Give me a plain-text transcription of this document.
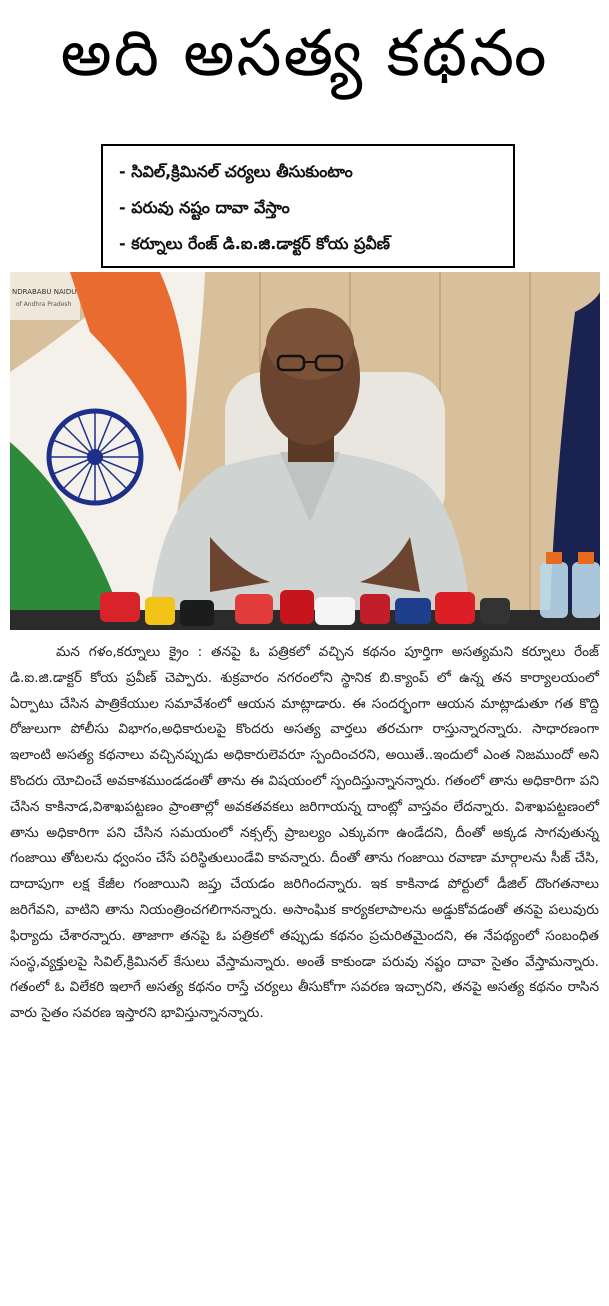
అది అసత్య కథనం
- సివిల్,క్రిమినల్ చర్యలు తీసుకుంటాం
- పరువు నష్టం దావా వేస్తాం
- కర్నూలు రేంజ్ డి.ఐ.జి.డాక్టర్ కోయ ప్రవీణ్
NDRABABU NAIDU
of Andhra Pradesh
మన గళం,కర్నూలు క్రైం : తనపై ఓ పత్రికలో వచ్చిన కథనం పూర్తిగా అసత్యమని కర్నూలు రేంజ్ డి.ఐ.జి.డాక్టర్ కోయ ప్రవీణ్ చెప్పారు. శుక్రవారం నగరంలోని స్థానిక బి.క్యాంప్ లో ఉన్న తన కార్యాలయంలో ఏర్పాటు చేసిన పాత్రికేయుల సమావేశంలో ఆయన మాట్లాడారు. ఈ సందర్భంగా ఆయన మాట్లాడుతూ గత కొద్ది రోజులుగా పోలీసు విభాగం,అధికారులపై కొందరు అసత్య వార్తలు తరచుగా రాస్తున్నారన్నారు. సాధారణంగా ఇలాంటి అసత్య కథనాలు వచ్చినప్పుడు అధికారులెవరూ స్పందించరని, అయితే..ఇందులో ఎంత నిజముందో అని కొందరు యోచించే అవకాశముండడంతో తాను ఈ విషయంలో స్పందిస్తున్నానన్నారు. గతంలో తాను అధికారిగా పని చేసిన కాకినాడ,విశాఖపట్టణం ప్రాంతాల్లో అవకతవకలు జరిగాయన్న దాంట్లో వాస్తవం లేదన్నారు. విశాఖపట్టణంలో తాను అధికారిగా పని చేసిన సమయంలో నక్సల్స్ ప్రాబల్యం ఎక్కువగా ఉండేదని, దీంతో అక్కడ సాగవుతున్న గంజాయి తోటలను ధ్వంసం చేసే పరిస్థితులుండేవి కావన్నారు. దీంతో తాను గంజాయి రవాణా మార్గాలను సీజ్ చేసి, దాదాపుగా లక్ష కేజీల గంజాయిని జప్తు చేయడం జరిగిందన్నారు. ఇక కాకినాడ పోర్టులో డీజిల్ దొంగతనాలు జరిగేవని, వాటిని తాను నియంత్రించగలిగానన్నారు. అసాంఘిక కార్యకలాపాలను అడ్డుకోవడంతో తనపై పలువురు ఫిర్యాదు చేశారన్నారు. తాజాగా తనపై ఓ పత్రికలో తప్పుడు కథనం ప్రచురితమైందని, ఈ నేపథ్యంలో సంబంధిత సంస్థ,వ్యక్తులపై సివిల్,క్రిమినల్ కేసులు వేస్తామన్నారు. అంతే కాకుండా పరువు నష్టం దావా సైతం వేస్తామన్నారు. గతంలో ఓ విలేకరి ఇలాగే అసత్య కథనం రాస్తే చర్యలు తీసుకోగా సవరణ ఇచ్చారని, తనపై అసత్య కథనం రాసిన వారు సైతం సవరణ ఇస్తారని భావిస్తున్నానన్నారు.
